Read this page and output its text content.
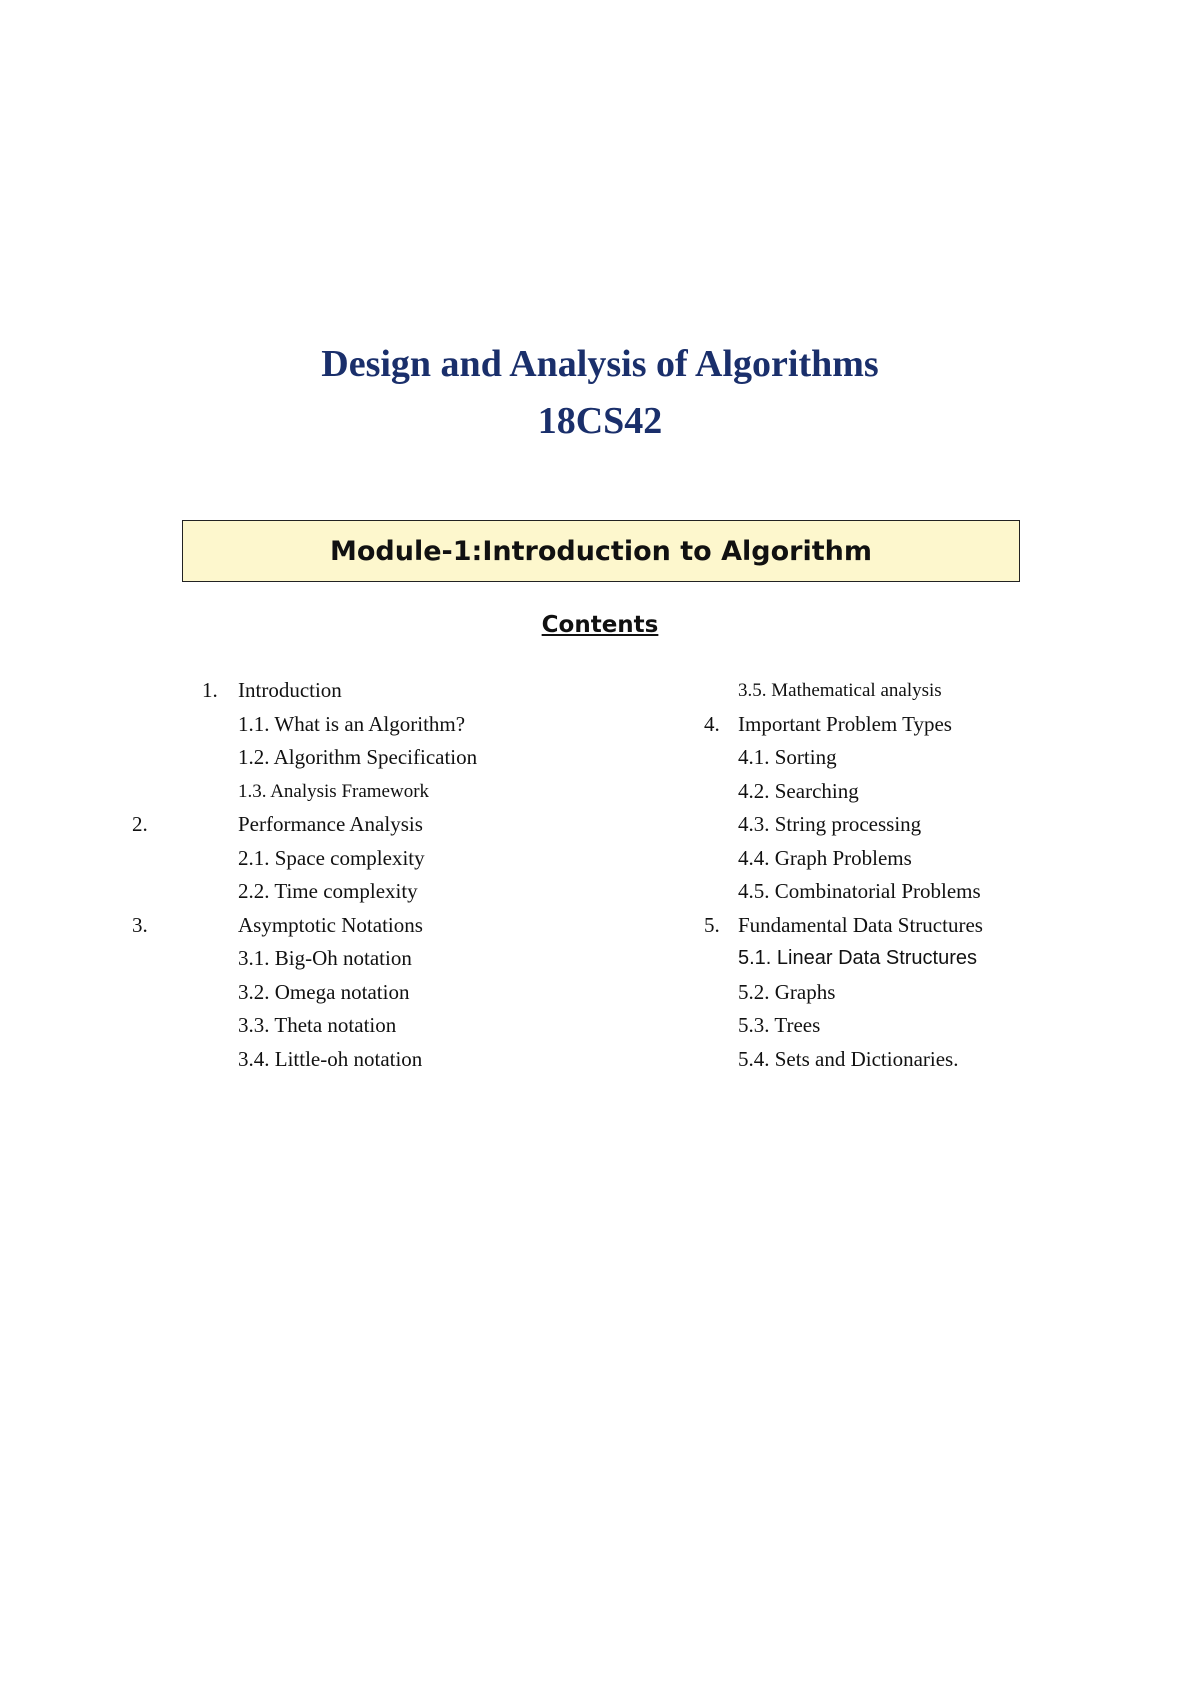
Design and Analysis of Algorithms
18CS42
Module-1:Introduction to Algorithm
Contents
1. Introduction
1.1. What is an Algorithm?
1.2. Algorithm Specification
1.3. Analysis Framework
2.	Performance Analysis
2.1. Space complexity
2.2. Time complexity
3.	Asymptotic Notations
3.1. Big-Oh notation
3.2. Omega notation
3.3. Theta notation
3.4. Little-oh notation
3.5. Mathematical analysis
4. Important Problem Types
4.1. Sorting
4.2. Searching
4.3. String processing
4.4. Graph Problems
4.5. Combinatorial Problems
5. Fundamental Data Structures
5.1. Linear Data Structures
5.2. Graphs
5.3. Trees
5.4. Sets and Dictionaries.
